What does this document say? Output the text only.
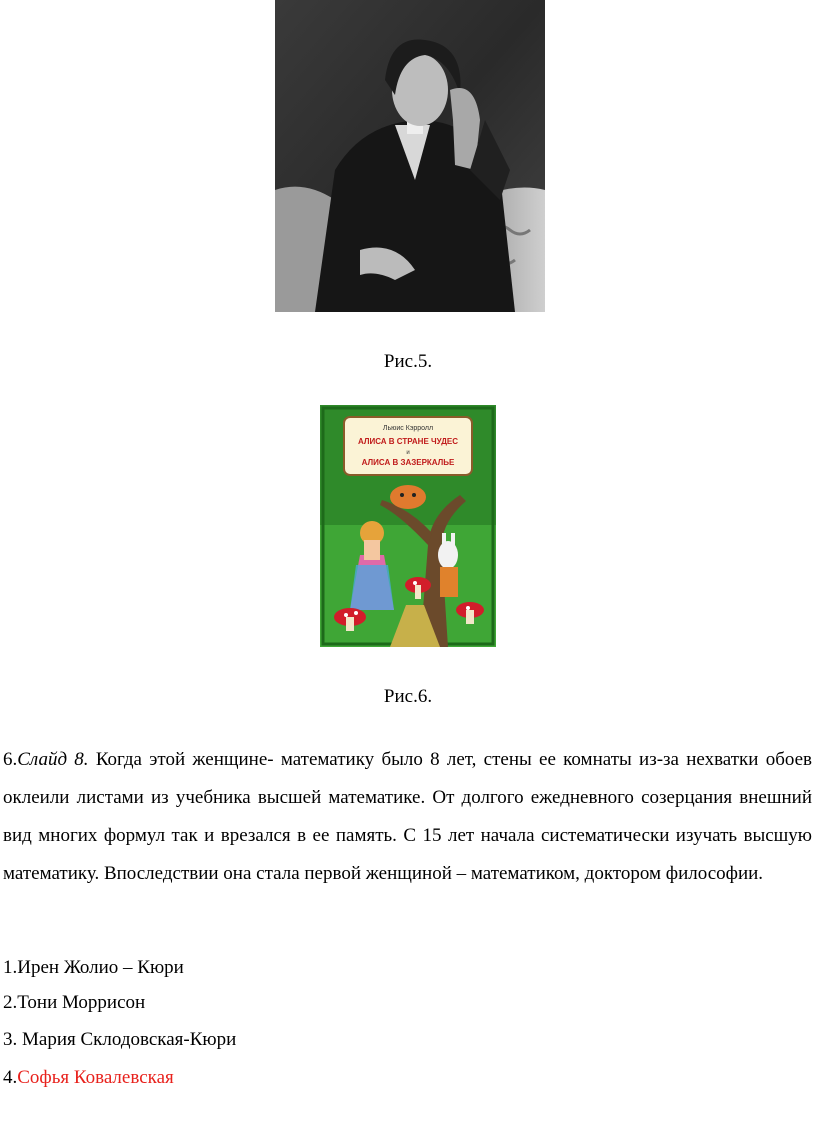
Рис.5.
Льюис Кэрролл
АЛИСА В СТРАНЕ ЧУДЕС
и
АЛИСА В ЗАЗЕРКАЛЬЕ
Рис.6.
6.Слайд 8. Когда этой женщине- математику было 8 лет, стены ее комнаты из-за нехватки обоев оклеили листами из учебника высшей математике. От долгого ежедневного созерцания внешний вид многих формул так и врезался в ее память. С 15 лет начала систематически изучать высшую математику. Впоследствии она стала первой женщиной – математиком, доктором философии.
1.Ирен Жолио – Кюри
2.Тони Моррисон
3. Мария Склодовская-Кюри
4.Софья Ковалевская
